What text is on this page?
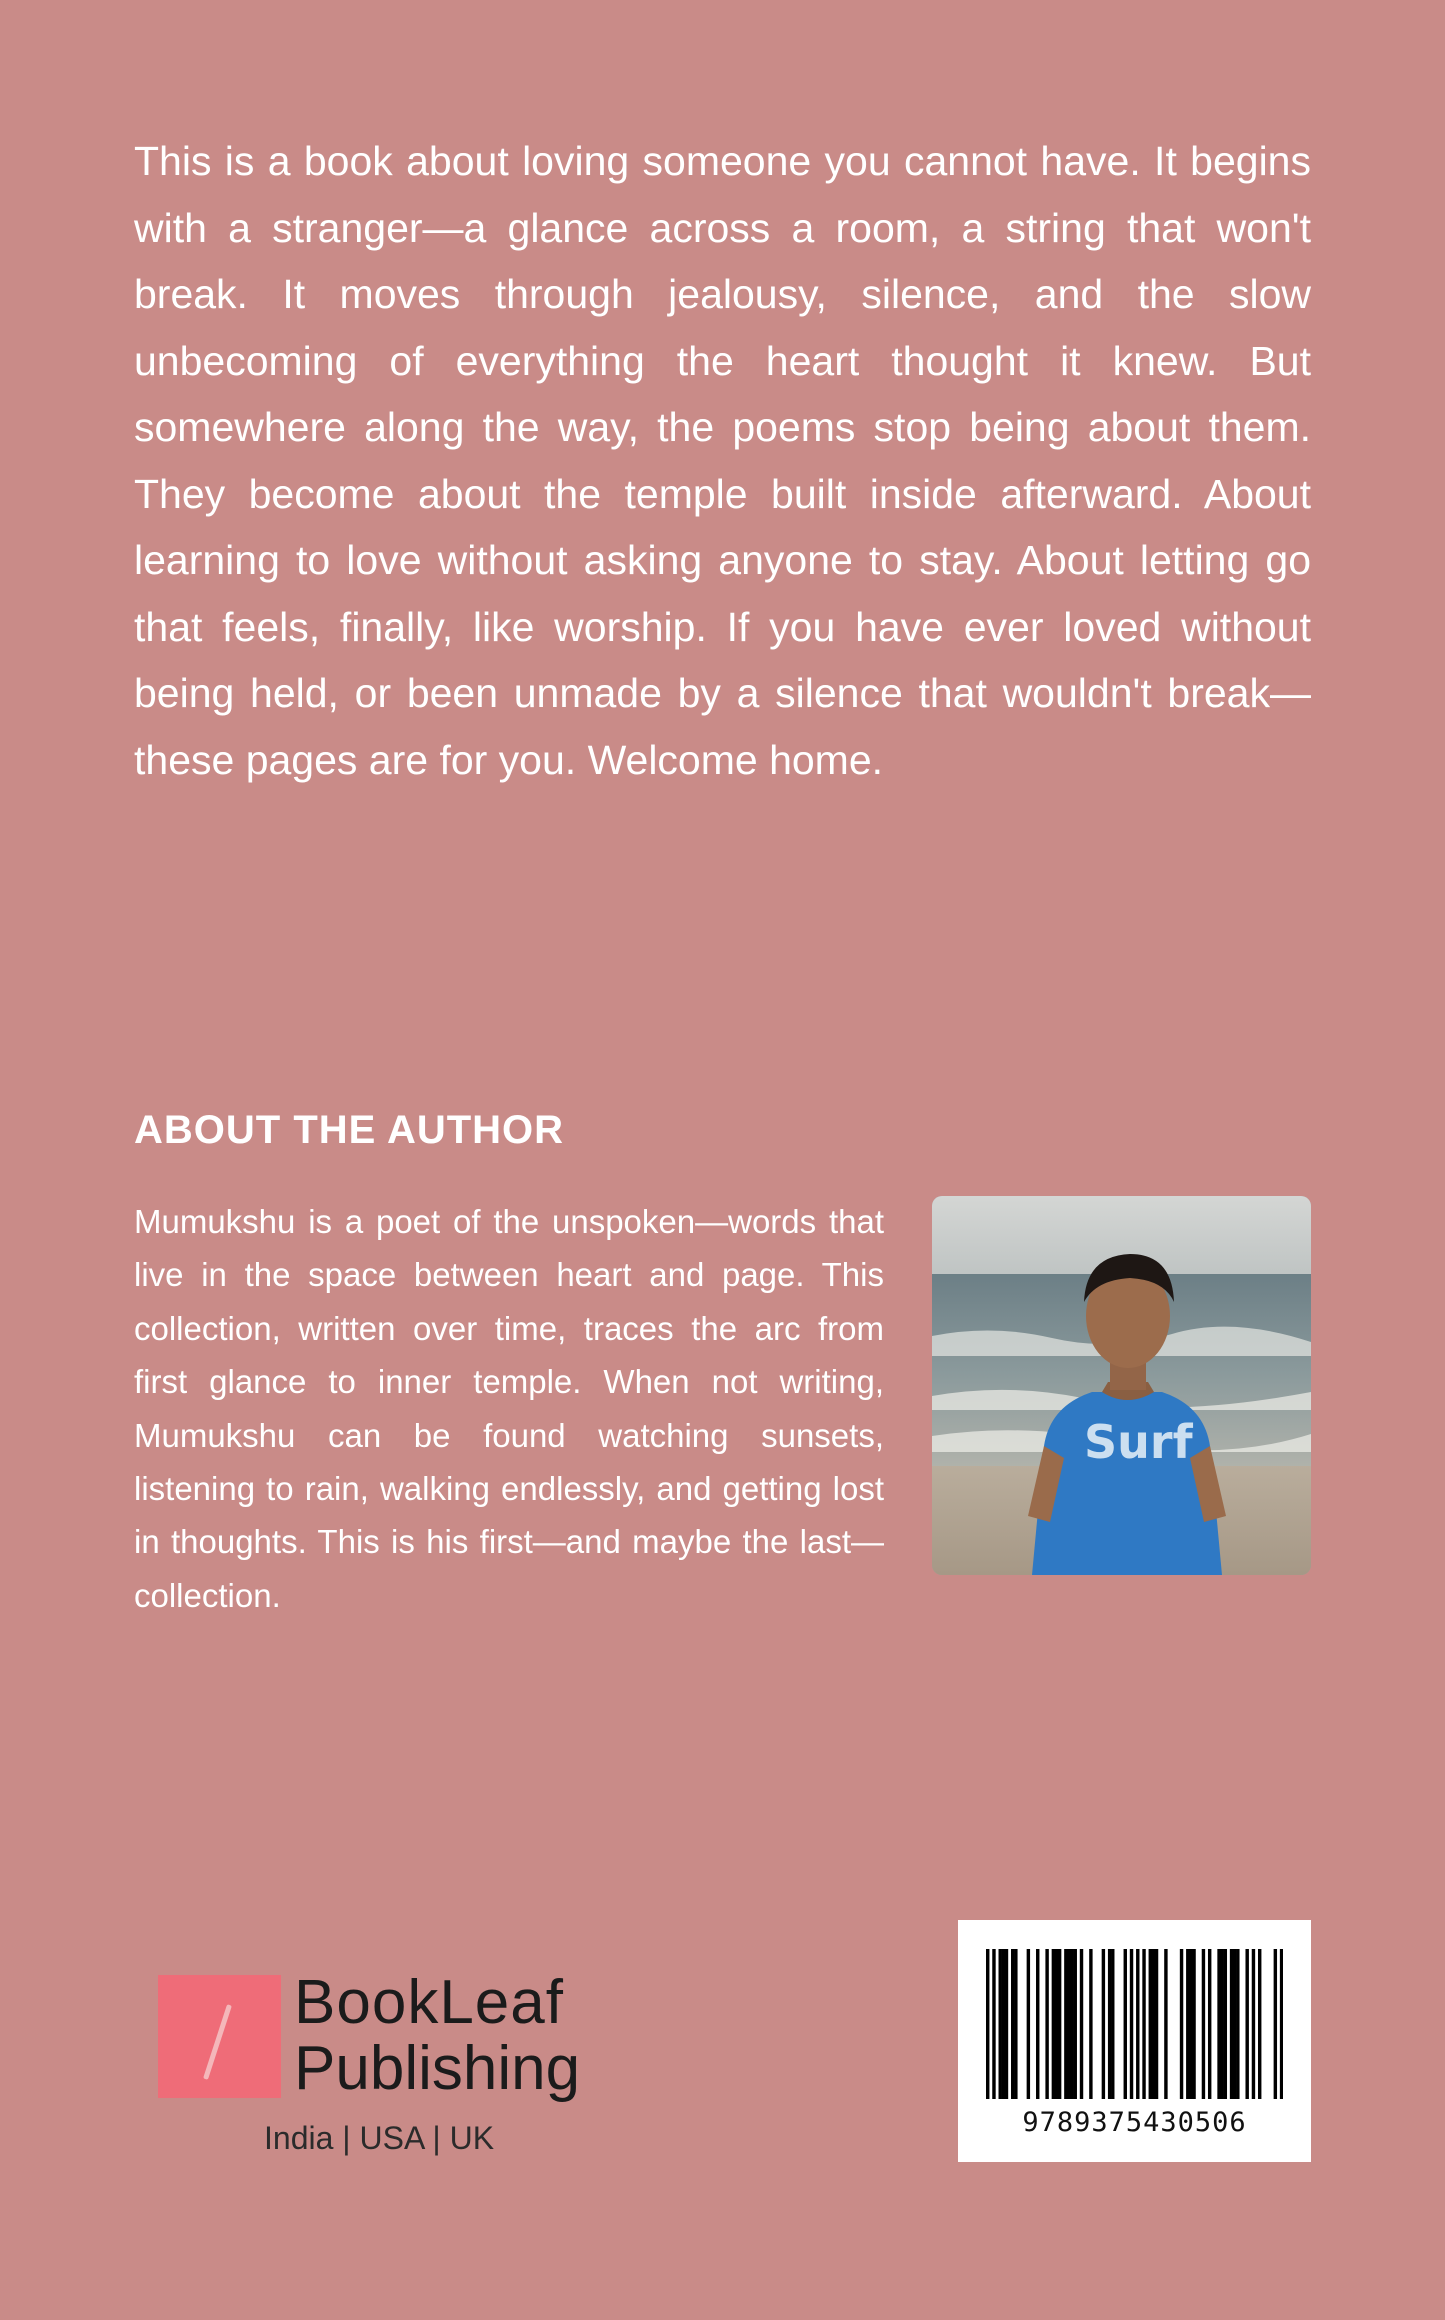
This is a book about loving someone you cannot have. It begins with a stranger—a glance across a room, a string that won't break. It moves through jealousy, silence, and the slow unbecoming of everything the heart thought it knew. But somewhere along the way, the poems stop being about them. They become about the temple built inside afterward. About learning to love without asking anyone to stay. About letting go that feels, finally, like worship. If you have ever loved without being held, or been unmade by a silence that wouldn't break—these pages are for you. Welcome home.

ABOUT THE AUTHOR

Mumukshu is a poet of the unspoken—words that live in the space between heart and page. This collection, written over time, traces the arc from first glance to inner temple. When not writing, Mumukshu can be found watching sunsets, listening to rain, walking endlessly, and getting lost in thoughts. This is his first—and maybe the last—collection.

Surf
BookLeaf
Publishing
India | USA | UK	9789375430506
